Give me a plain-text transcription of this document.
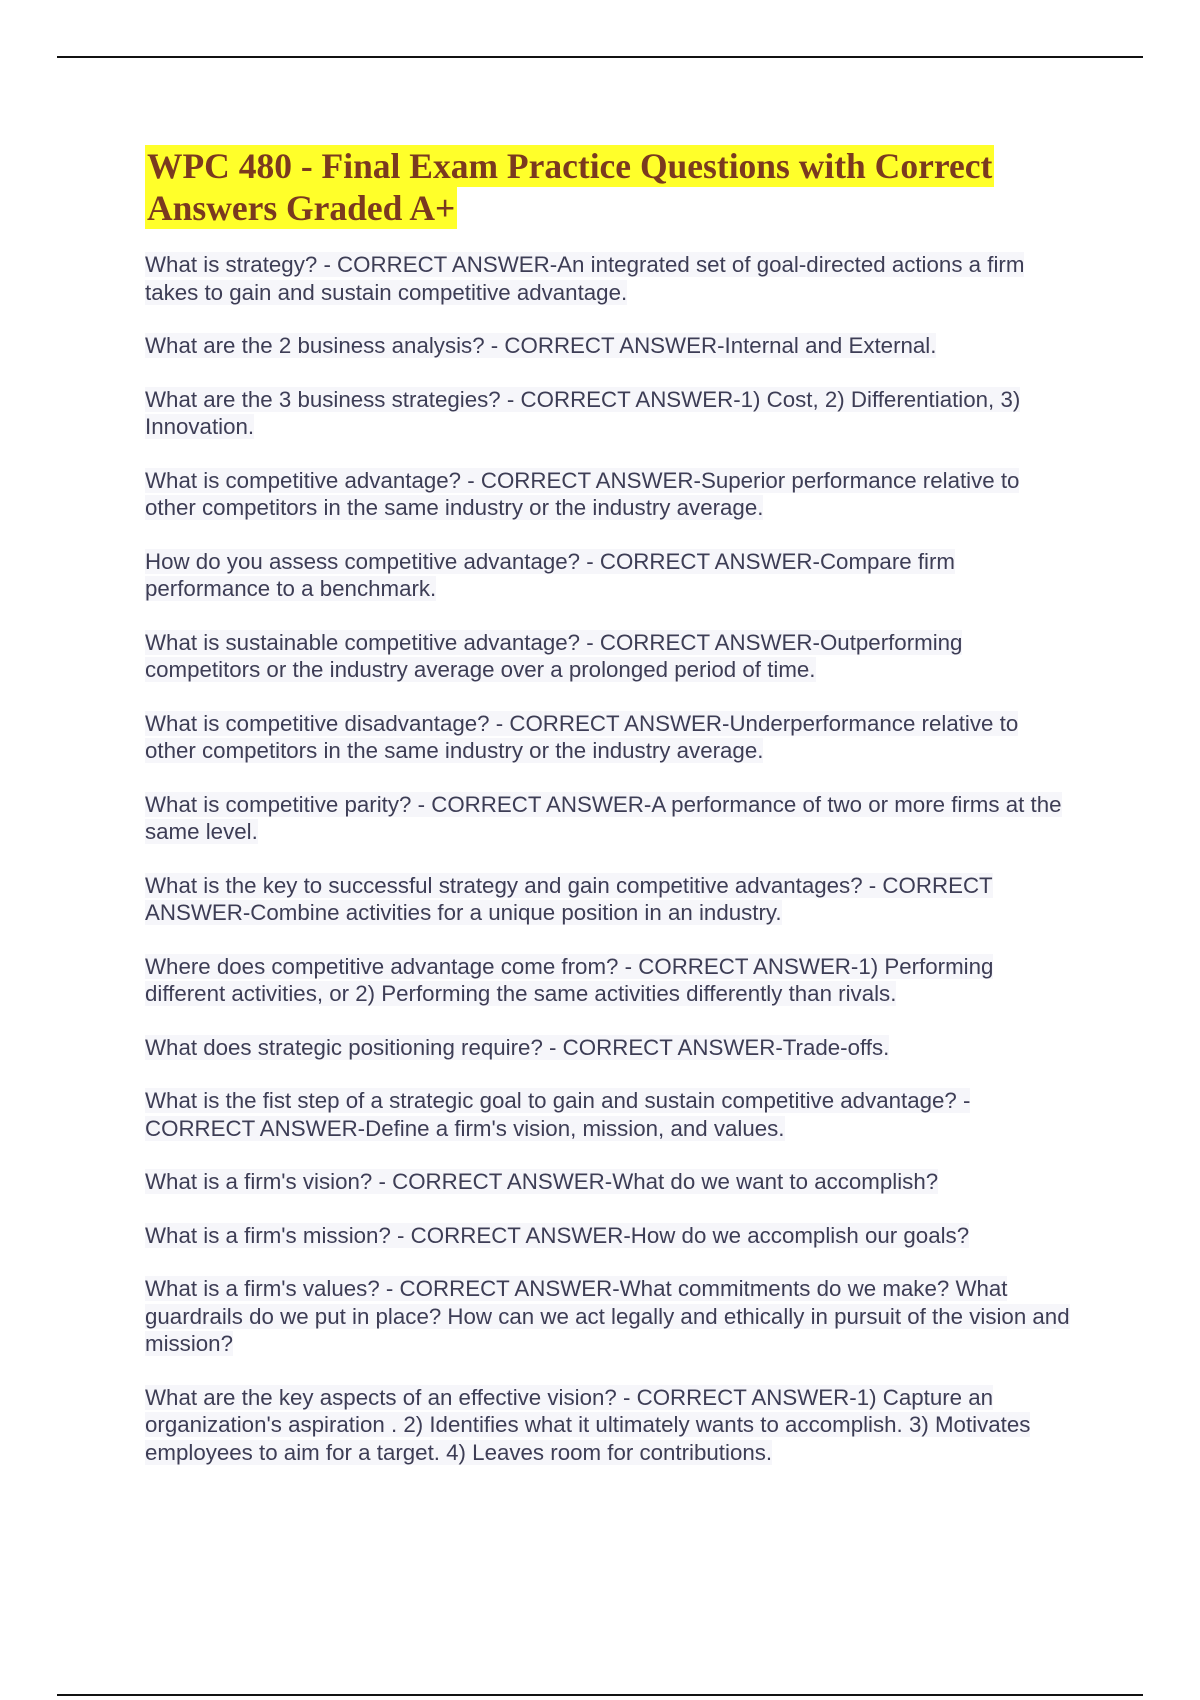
WPC 480 - Final Exam Practice Questions with Correct Answers Graded A+
What is strategy? - CORRECT ANSWER-An integrated set of goal-directed actions a firm takes to gain and sustain competitive advantage.
What are the 2 business analysis? - CORRECT ANSWER-Internal and External.
What are the 3 business strategies? - CORRECT ANSWER-1) Cost, 2) Differentiation, 3) Innovation.
What is competitive advantage? - CORRECT ANSWER-Superior performance relative to other competitors in the same industry or the industry average.
How do you assess competitive advantage? - CORRECT ANSWER-Compare firm performance to a benchmark.
What is sustainable competitive advantage? - CORRECT ANSWER-Outperforming competitors or the industry average over a prolonged period of time.
What is competitive disadvantage? - CORRECT ANSWER-Underperformance relative to other competitors in the same industry or the industry average.
What is competitive parity? - CORRECT ANSWER-A performance of two or more firms at the same level.
What is the key to successful strategy and gain competitive advantages? - CORRECT ANSWER-Combine activities for a unique position in an industry.
Where does competitive advantage come from? - CORRECT ANSWER-1) Performing different activities, or 2) Performing the same activities differently than rivals.
What does strategic positioning require? - CORRECT ANSWER-Trade-offs.
What is the fist step of a strategic goal to gain and sustain competitive advantage? - CORRECT ANSWER-Define a firm's vision, mission, and values.
What is a firm's vision? - CORRECT ANSWER-What do we want to accomplish?
What is a firm's mission? - CORRECT ANSWER-How do we accomplish our goals?
What is a firm's values? - CORRECT ANSWER-What commitments do we make? What guardrails do we put in place? How can we act legally and ethically in pursuit of the vision and mission?
What are the key aspects of an effective vision? - CORRECT ANSWER-1) Capture an organization's aspiration . 2) Identifies what it ultimately wants to accomplish. 3) Motivates employees to aim for a target. 4) Leaves room for contributions.
